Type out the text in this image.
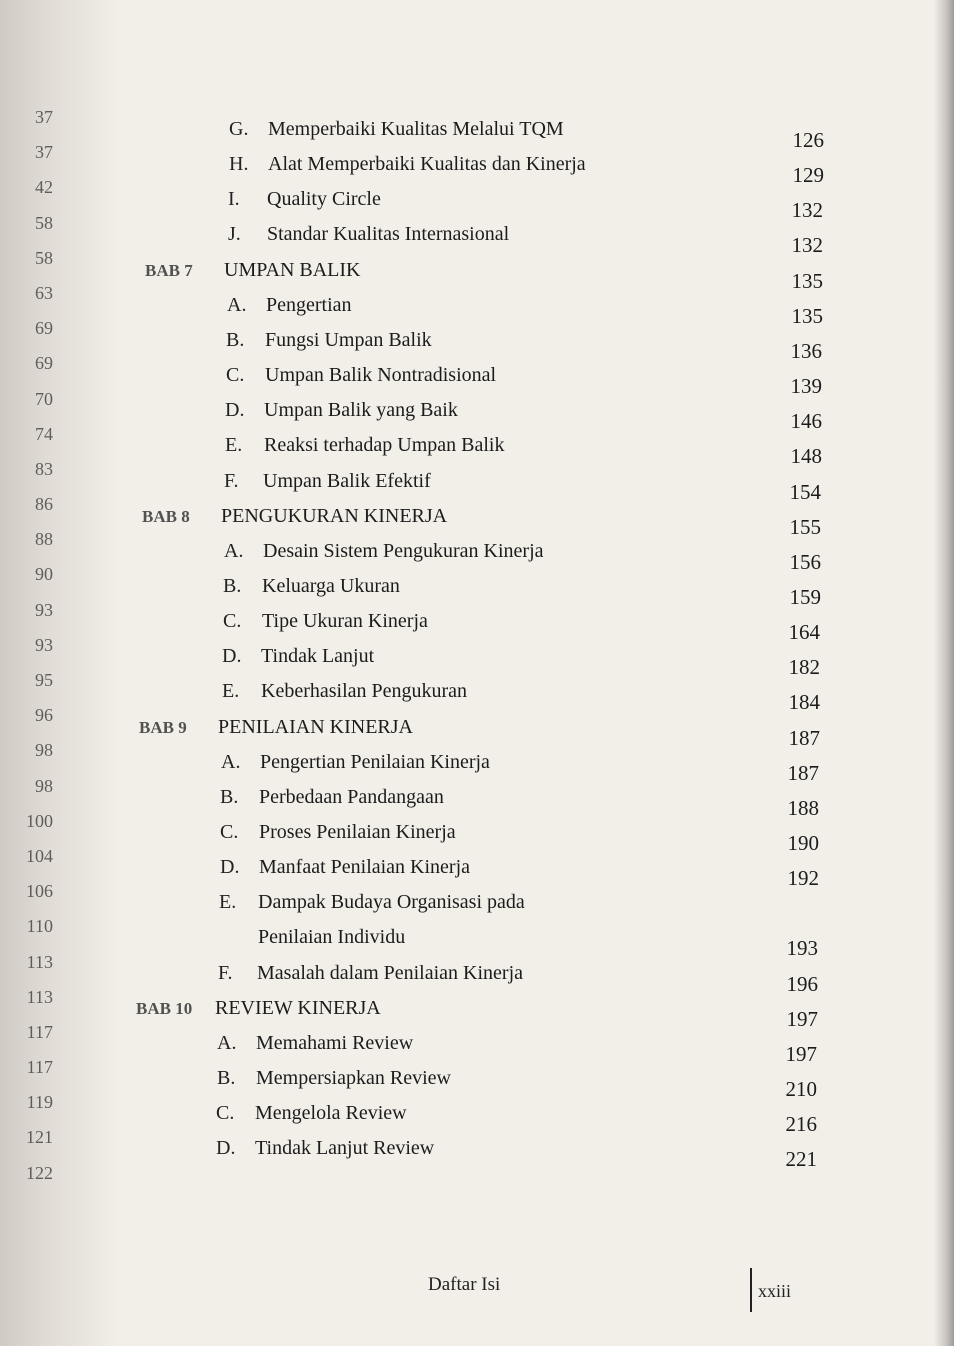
37
37
42
58
58
63
69
69
70
74
83
86
88
90
93
93
95
96
98
98
100
104
106
110
113
113
117
117
119
121
122
G. Memperbaiki Kualitas Melalui TQM	126
H. Alat Memperbaiki Kualitas dan Kinerja	129
I. Quality Circle	132
J. Standar Kualitas Internasional	132
BAB 7 UMPAN BALIK	135
A. Pengertian	135
B. Fungsi Umpan Balik	136
C. Umpan Balik Nontradisional	139
D. Umpan Balik yang Baik	146
E. Reaksi terhadap Umpan Balik	148
F. Umpan Balik Efektif	154
BAB 8 PENGUKURAN KINERJA	155
A. Desain Sistem Pengukuran Kinerja	156
B. Keluarga Ukuran	159
C. Tipe Ukuran Kinerja	164
D. Tindak Lanjut	182
E. Keberhasilan Pengukuran	184
BAB 9 PENILAIAN KINERJA	187
A. Pengertian Penilaian Kinerja	187
B. Perbedaan Pandangaan	188
C. Proses Penilaian Kinerja	190
D. Manfaat Penilaian Kinerja	192
E. Dampak Budaya Organisasi pada
Penilaian Individu	193
F. Masalah dalam Penilaian Kinerja	196
BAB 10 REVIEW KINERJA	197
A. Memahami Review	197
B. Mempersiapkan Review	210
C. Mengelola Review	216
D. Tindak Lanjut Review	221
Daftar Isi	xxiii
